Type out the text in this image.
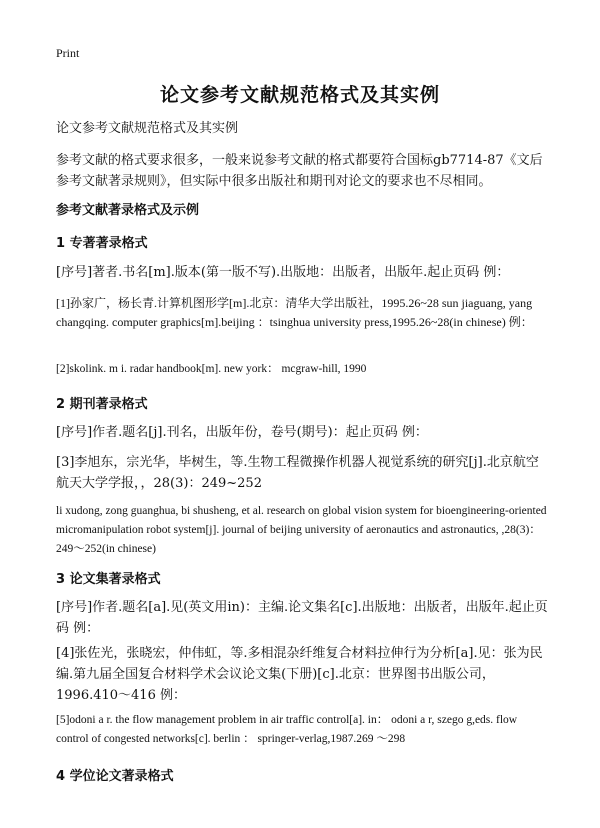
Print
论文参考文献规范格式及其实例
论文参考文献规范格式及其实例
参考文献的格式要求很多，一般来说参考文献的格式都要符合国标gb7714-87《文后参考文献著录规则》，但实际中很多出版社和期刊对论文的要求也不尽相同。
参考文献著录格式及示例
1 专著著录格式
[序号]著者.书名[m].版本(第一版不写).出版地：出版者，出版年.起止页码 例：
[1]孙家广，杨长青.计算机图形学[m].北京：清华大学出版社，1995.26~28 sun jiaguang, yang changqing. computer graphics[m].beijing ：tsinghua university press,1995.26~28(in chinese) 例：
[2]skolink. m i. radar handbook[m]. new york： mcgraw-hill, 1990
2 期刊著录格式
[序号]作者.题名[j].刊名，出版年份，卷号(期号)：起止页码 例：
[3]李旭东，宗光华，毕树生，等.生物工程微操作机器人视觉系统的研究[j].北京航空航天大学学报，，28(3)：249~252
li xudong, zong guanghua, bi shusheng, et al. research on global vision system for bioengineering-oriented micromanipulation robot system[j]. journal of beijing university of aeronautics and astronautics, ,28(3)：249～252(in chinese)
3 论文集著录格式
[序号]作者.题名[a].见(英文用in)：主编.论文集名[c].出版地：出版者，出版年.起止页码 例：
[4]张佐光，张晓宏，仲伟虹，等.多相混杂纤维复合材料拉伸行为分析[a].见：张为民编.第九届全国复合材料学术会议论文集(下册)[c].北京：世界图书出版公司，1996.410～416 例：
[5]odoni a r. the flow management problem in air traffic control[a]. in： odoni a r, szego g,eds. flow control of congested networks[c]. berlin ： springer-verlag,1987.269 ～298
4 学位论文著录格式
